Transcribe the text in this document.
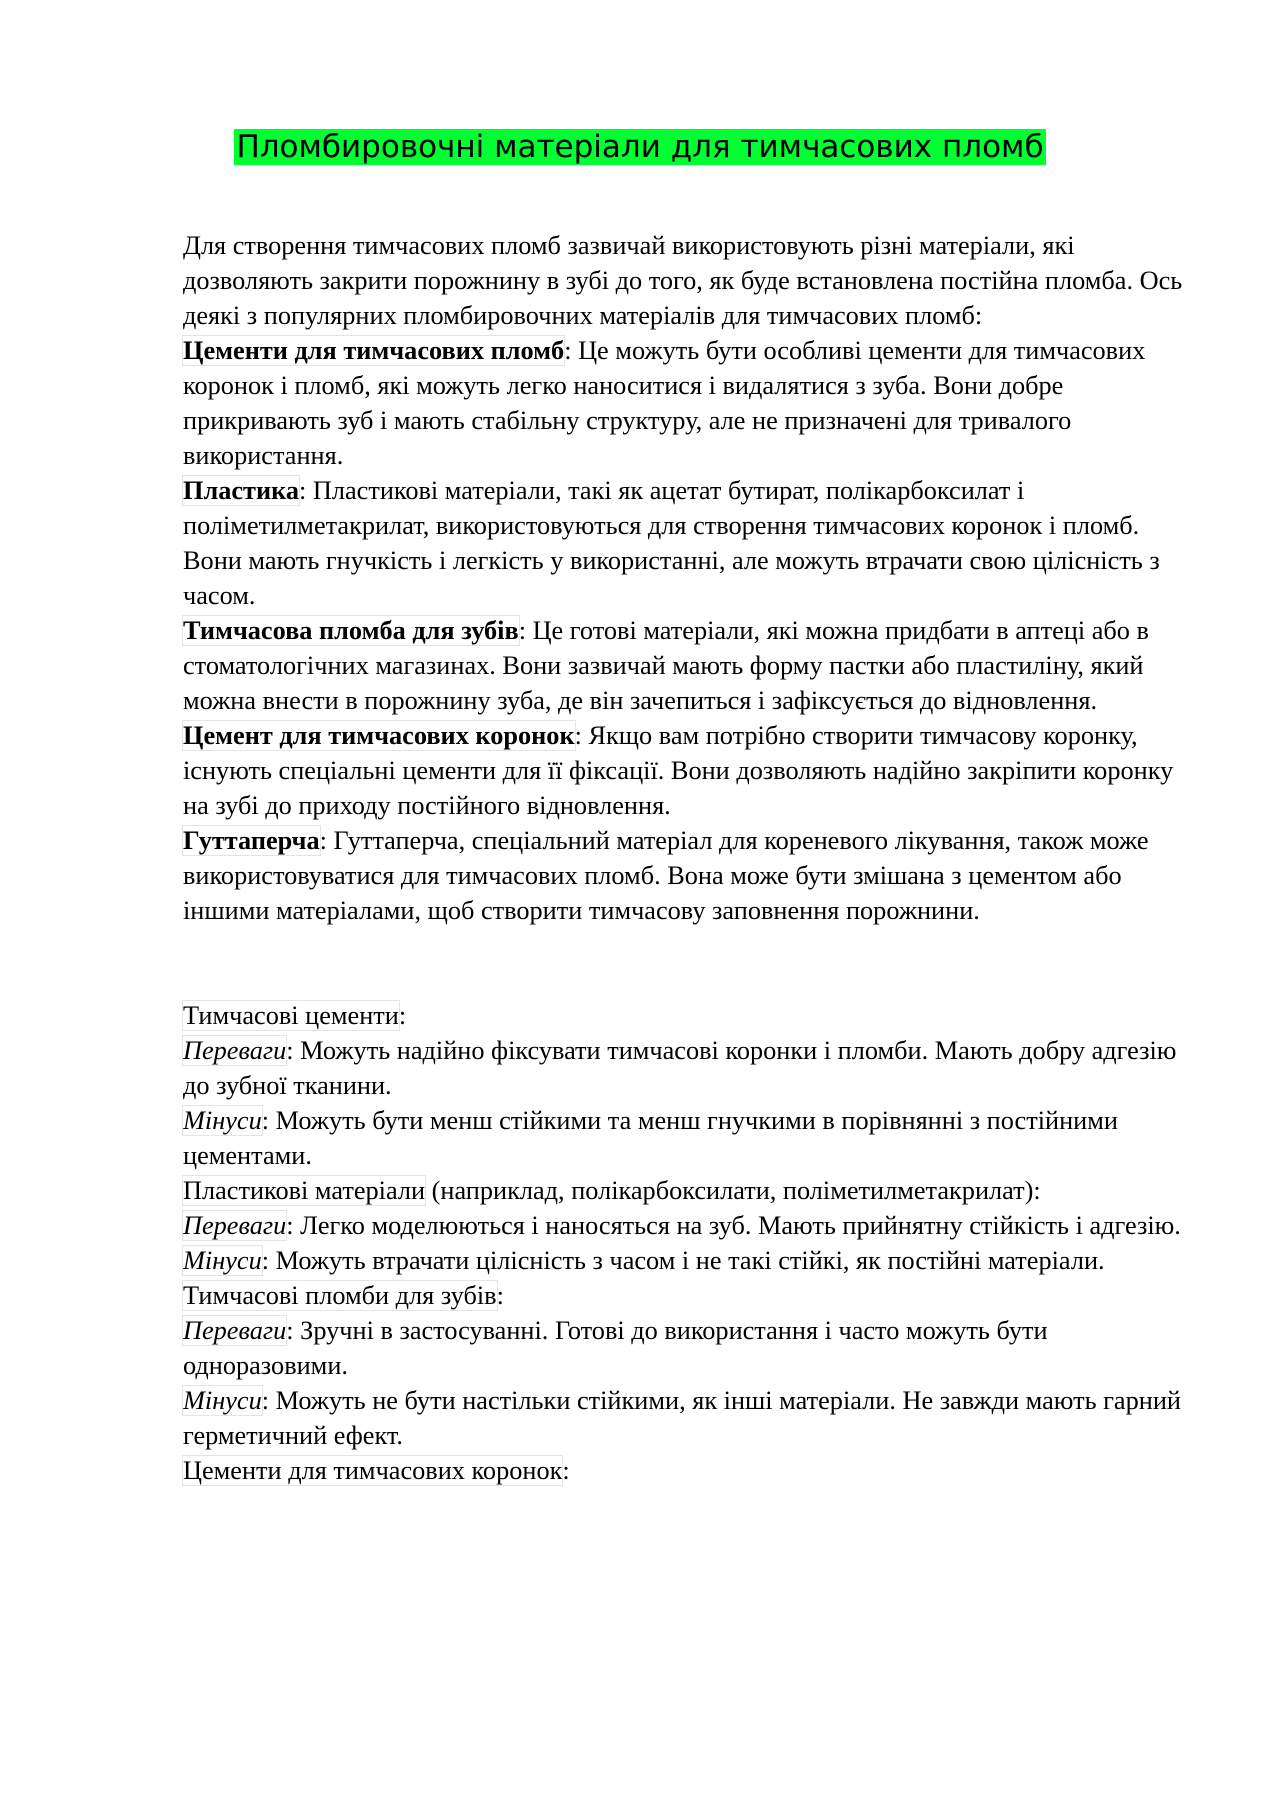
Пломбировочні матеріали для тимчасових пломб

Для створення тимчасових пломб зазвичай використовують різні матеріали, які дозволяють закрити порожнину в зубі до того, як буде встановлена постійна пломба. Ось деякі з популярних пломбировочних матеріалів для тимчасових пломб:

Цементи для тимчасових пломб: Це можуть бути особливі цементи для тимчасових коронок і пломб, які можуть легко наноситися і видалятися з зуба. Вони добре прикривають зуб і мають стабільну структуру, але не призначені для тривалого використання.

Пластика: Пластикові матеріали, такі як ацетат бутират, полікарбоксилат і поліметилметакрилат, використовуються для створення тимчасових коронок і пломб. Вони мають гнучкість і легкість у використанні, але можуть втрачати свою цілісність з часом.

Тимчасова пломба для зубів: Це готові матеріали, які можна придбати в аптеці або в стоматологічних магазинах. Вони зазвичай мають форму пастки або пластиліну, який можна внести в порожнину зуба, де він зачепиться і зафіксується до відновлення.

Цемент для тимчасових коронок: Якщо вам потрібно створити тимчасову коронку, існують спеціальні цементи для її фіксації. Вони дозволяють надійно закріпити коронку на зубі до приходу постійного відновлення.

Гуттаперча: Гуттаперча, спеціальний матеріал для кореневого лікування, також може використовуватися для тимчасових пломб. Вона може бути змішана з цементом або іншими матеріалами, щоб створити тимчасову заповнення порожнини.

Тимчасові цементи:

Переваги: Можуть надійно фіксувати тимчасові коронки і пломби. Мають добру адгезію до зубної тканини.

Мінуси: Можуть бути менш стійкими та менш гнучкими в порівнянні з постійними цементами.

Пластикові матеріали (наприклад, полікарбоксилати, поліметилметакрилат):

Переваги: Легко моделюються і наносяться на зуб. Мають прийнятну стійкість і адгезію.

Мінуси: Можуть втрачати цілісність з часом і не такі стійкі, як постійні матеріали.

Тимчасові пломби для зубів:

Переваги: Зручні в застосуванні. Готові до використання і часто можуть бути одноразовими.

Мінуси: Можуть не бути настільки стійкими, як інші матеріали. Не завжди мають гарний герметичний ефект.

Цементи для тимчасових коронок:
